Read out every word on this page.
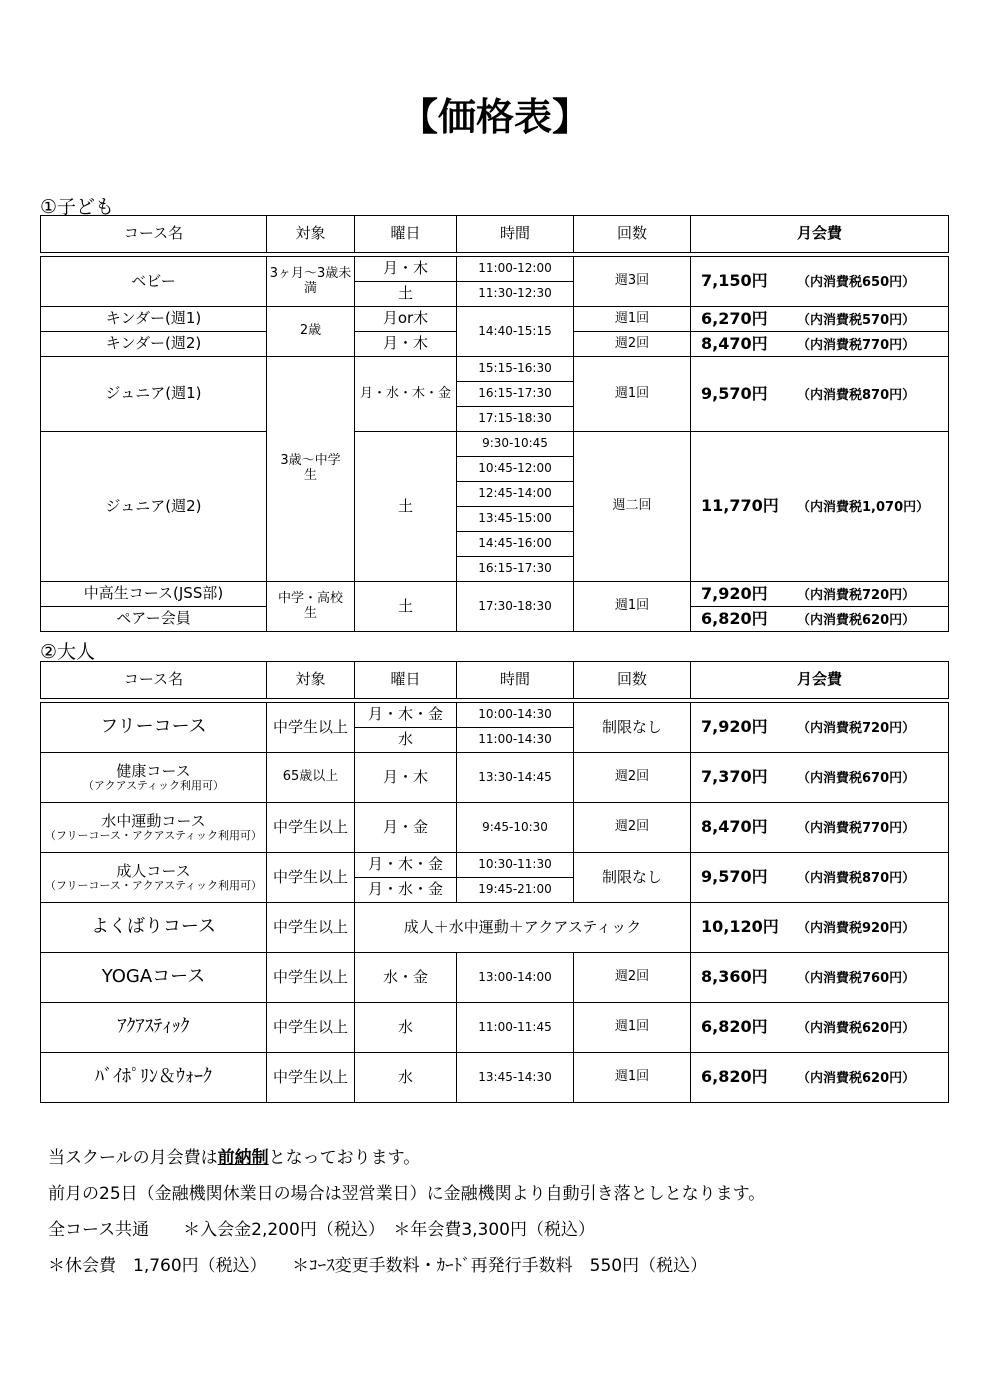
【価格表】
①子ども
コース名	対象	曜日	時間	回数	月会費

ベビー	3ヶ月～3歳未満	月・木	11:00-12:00	週3回	7,150円 （内消費税650円）
		土	11:30-12:30		
キンダー(週1)	2歳	月or木	14:40-15:15	週1回	6,270円 （内消費税570円）
キンダー(週2)		月・木		週2回	8,470円 （内消費税770円）
ジュニア(週1)	3歳～中学生	月・水・木・金	15:15-16:30	週1回	9,570円 （内消費税870円）
			16:15-17:30		
			17:15-18:30		
ジュニア(週2)		土	9:30-10:45	週二回	11,770円 （内消費税1,070円）
			10:45-12:00		
			12:45-14:00		
			13:45-15:00		
			14:45-16:00		
			16:15-17:30		
中高生コース(JSS部)	中学・高校生	土	17:30-18:30	週1回	7,920円 （内消費税720円）
ペアー会員					6,820円 （内消費税620円）
②大人
コース名	対象	曜日	時間	回数	月会費

フリーコース	中学生以上	月・木・金	10:00-14:30	制限なし	7,920円 （内消費税720円）
		水	11:00-14:30		

健康コース
（アクアスティック利用可）	65歳以上	月・木	13:30-14:45	週2回	7,370円 （内消費税670円）

水中運動コース
（フリーコース・アクアスティック利用可）	中学生以上	月・金	9:45-10:30	週2回	8,470円 （内消費税770円）

成人コース
（フリーコース・アクアスティック利用可）	中学生以上	月・木・金	10:30-11:30	制限なし	9,570円 （内消費税870円）
		月・水・金	19:45-21:00		
よくばりコース	中学生以上	成人＋水中運動＋アクアスティック			10,120円 （内消費税920円）
YOGAコース	中学生以上	水・金	13:00-14:00	週2回	8,360円 （内消費税760円）
ｱｸｱｽﾃｨｯｸ	中学生以上	水	11:00-11:45	週1回	6,820円 （内消費税620円）
ﾊﾞｲﾎﾟﾘﾝ＆ｳｫｰｸ	中学生以上	水	13:45-14:30	週1回	6,820円 （内消費税620円）
当スクールの月会費は前納制となっております。
前月の25日（金融機関休業日の場合は翌営業日）に金融機関より自動引き落としとなります。
全コース共通　　＊入会金2,200円（税込）　＊年会費3,300円（税込）
＊休会費　1,760円（税込）　　＊ｺｰｽ変更手数料・ｶｰﾄﾞ再発行手数料　550円（税込）
